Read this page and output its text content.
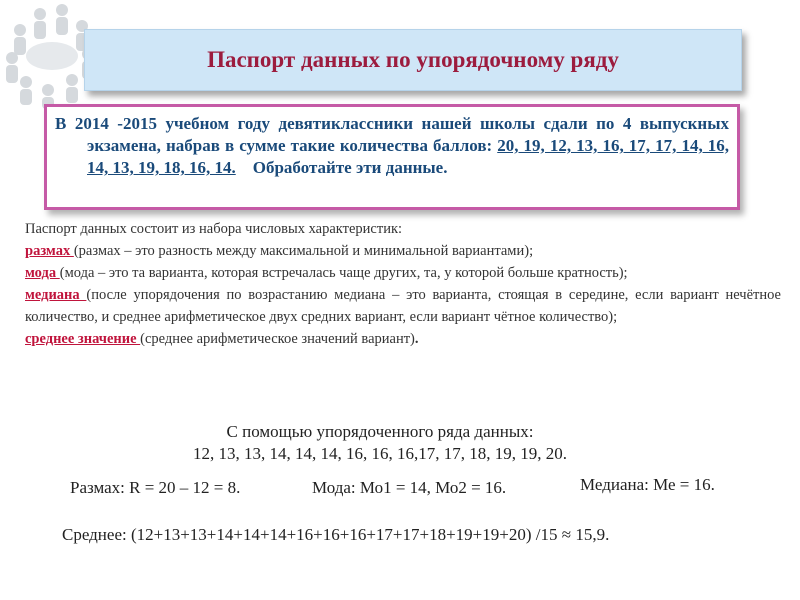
Паспорт данных по упорядочному ряду

В 2014 -2015 учебном году девятиклассники нашей школы сдали по 4 выпускных экзамена, набрав в сумме такие количества баллов: 20, 19, 12, 13, 16, 17, 17, 14, 16, 14, 13, 19, 18, 16, 14. Обработайте эти данные.

Паспорт данных состоит из набора числовых характеристик:

размах (размах – это разность между максимальной и минимальной вариантами);

мода (мода – это та варианта, которая встречалась чаще других, та, у которой больше кратность);

медиана (после упорядочения по возрастанию медиана – это варианта, стоящая в середине, если вариант нечётное количество, и среднее арифметическое двух средних вариант, если вариант чётное количество);

среднее значение (среднее арифметическое значений вариант).

С помощью упорядоченного ряда данных:
12, 13, 13, 14, 14, 14, 16, 16, 16,17, 17, 18, 19, 19, 20.
Размах: R = 20 – 12 = 8.	Мода: Мо1 = 14, Мо2 = 16.	Медиана: Ме = 16.
Среднее: (12+13+13+14+14+14+16+16+16+17+17+18+19+19+20) /15 ≈ 15,9.
